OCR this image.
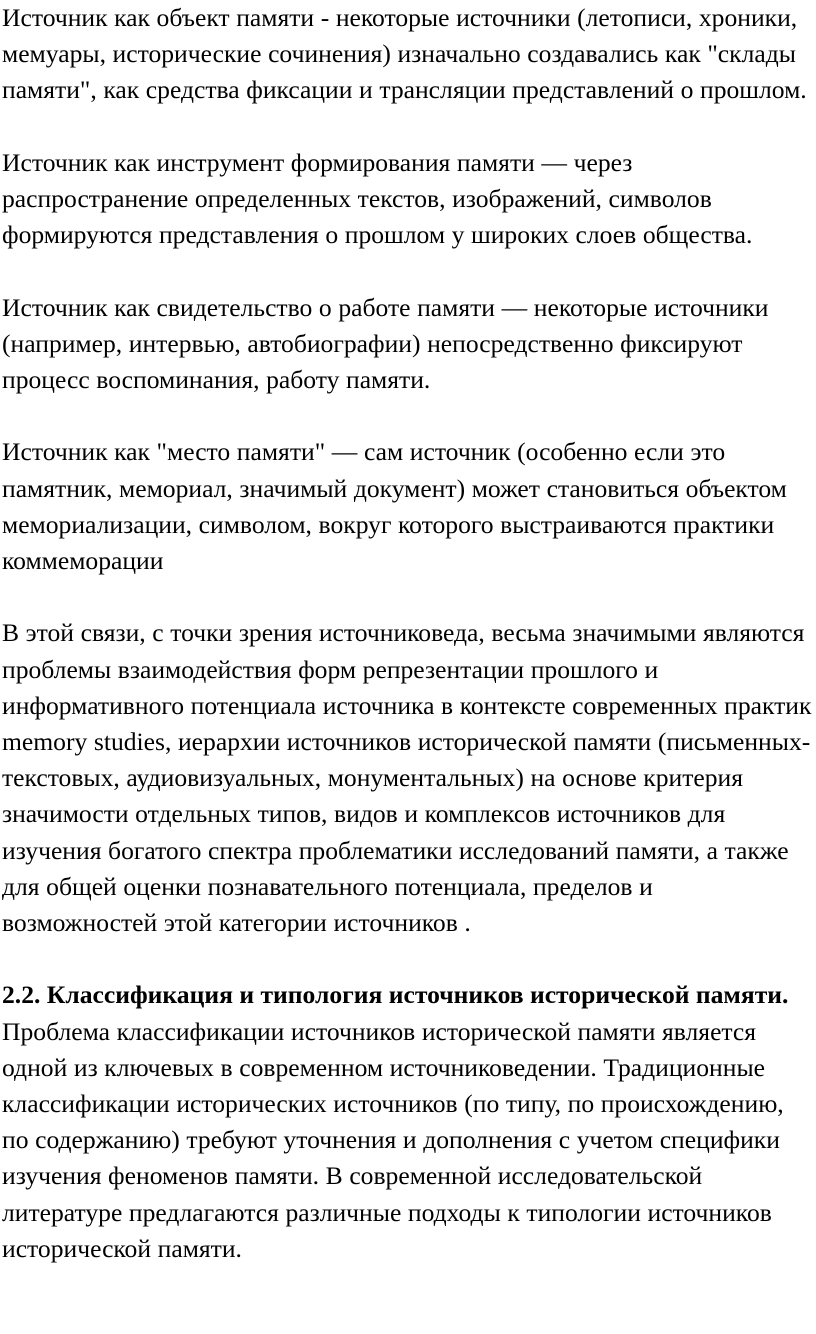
Источник как объект памяти - некоторые источники (летописи, хроники, мемуары, исторические сочинения) изначально создавались как "склады памяти", как средства фиксации и трансляции представлений о прошлом.

Источник как инструмент формирования памяти — через распространение определенных текстов, изображений, символов формируются представления о прошлом у широких слоев общества.

Источник как свидетельство о работе памяти — некоторые источники (например, интервью, автобиографии) непосредственно фиксируют процесс воспоминания, работу памяти.

Источник как "место памяти" — сам источник (особенно если это памятник, мемориал, значимый документ) может становиться объектом мемориализации, символом, вокруг которого выстраиваются практики коммеморации

В этой связи, с точки зрения источниковеда, весьма значимыми являются проблемы взаимодействия форм репрезентации прошлого и информативного потенциала источника в контексте современных практик memory studies, иерархии источников исторической памяти (письменных-текстовых, аудиовизуальных, монументальных) на основе критерия значимости отдельных типов, видов и комплексов источников для изучения богатого спектра проблематики исследований памяти, а также для общей оценки познавательного потенциала, пределов и возможностей этой категории источников .

2.2. Классификация и типология источников исторической памяти.

Проблема классификации источников исторической памяти является одной из ключевых в современном источниковедении. Традиционные классификации исторических источников (по типу, по происхождению, по содержанию) требуют уточнения и дополнения с учетом специфики изучения феноменов памяти. В современной исследовательской литературе предлагаются различные подходы к типологии источников исторической памяти.
